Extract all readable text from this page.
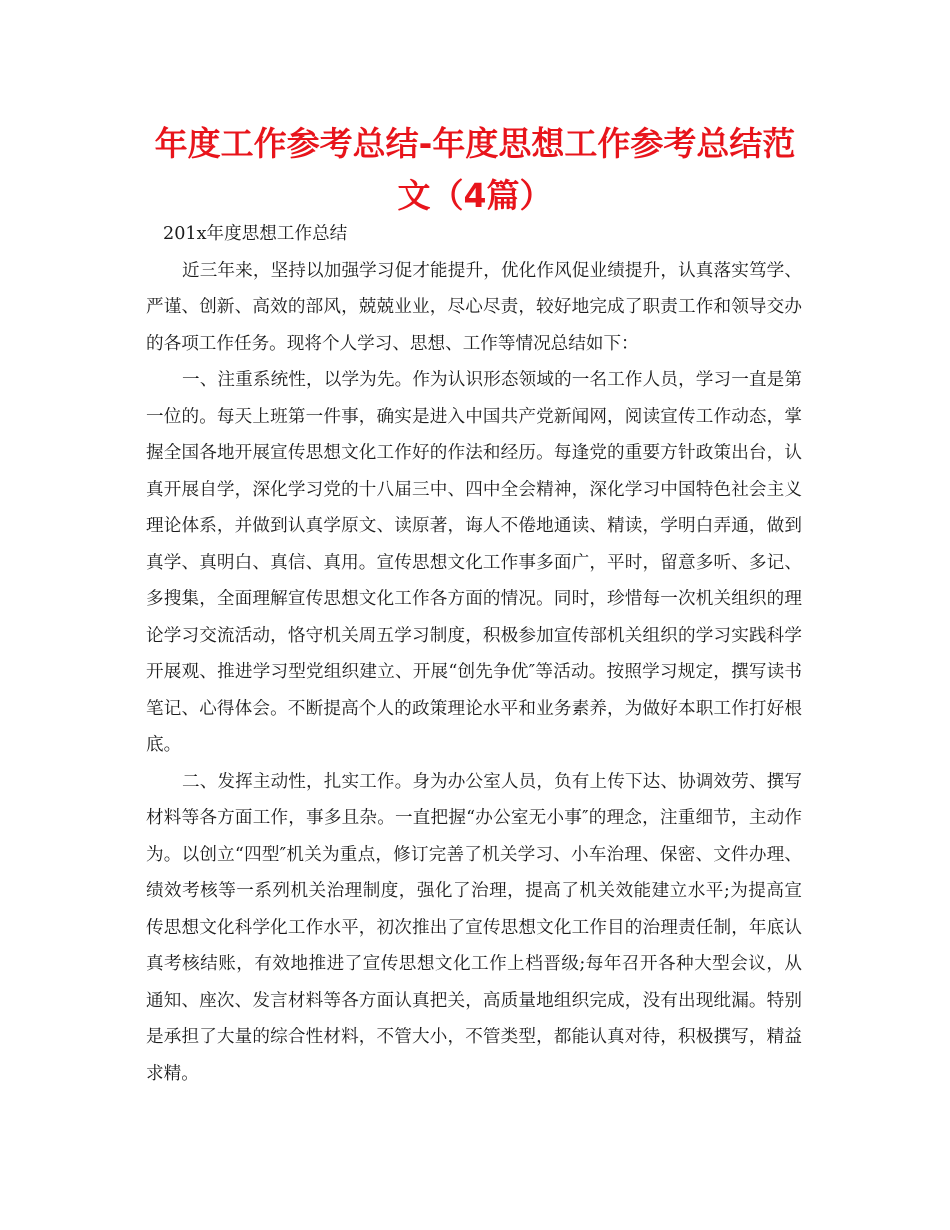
年度工作参考总结-年度思想工作参考总结范文（4篇）

201x年度思想工作总结

近三年来，坚持以加强学习促才能提升，优化作风促业绩提升，认真落实笃学、严谨、创新、高效的部风，兢兢业业，尽心尽责，较好地完成了职责工作和领导交办的各项工作任务。现将个人学习、思想、工作等情况总结如下：

一、注重系统性，以学为先。作为认识形态领域的一名工作人员，学习一直是第一位的。每天上班第一件事，确实是进入中国共产党新闻网，阅读宣传工作动态，掌握全国各地开展宣传思想文化工作好的作法和经历。每逢党的重要方针政策出台，认真开展自学，深化学习党的十八届三中、四中全会精神，深化学习中国特色社会主义理论体系，并做到认真学原文、读原著，诲人不倦地通读、精读，学明白弄通，做到真学、真明白、真信、真用。宣传思想文化工作事多面广，平时，留意多听、多记、多搜集，全面理解宣传思想文化工作各方面的情况。同时，珍惜每一次机关组织的理论学习交流活动，恪守机关周五学习制度，积极参加宣传部机关组织的学习实践科学开展观、推进学习型党组织建立、开展“创先争优″等活动。按照学习规定，撰写读书笔记、心得体会。不断提高个人的政策理论水平和业务素养，为做好本职工作打好根底。

二、发挥主动性，扎实工作。身为办公室人员，负有上传下达、协调效劳、撰写材料等各方面工作，事多且杂。一直把握“办公室无小事″的理念，注重细节，主动作为。以创立“四型″机关为重点，修订完善了机关学习、小车治理、保密、文件办理、绩效考核等一系列机关治理制度，强化了治理，提高了机关效能建立水平;为提高宣传思想文化科学化工作水平，初次推出了宣传思想文化工作目的治理责任制，年底认真考核结账，有效地推进了宣传思想文化工作上档晋级;每年召开各种大型会议，从通知、座次、发言材料等各方面认真把关，高质量地组织完成，没有出现纰漏。特别是承担了大量的综合性材料，不管大小，不管类型，都能认真对待，积极撰写，精益求精。
